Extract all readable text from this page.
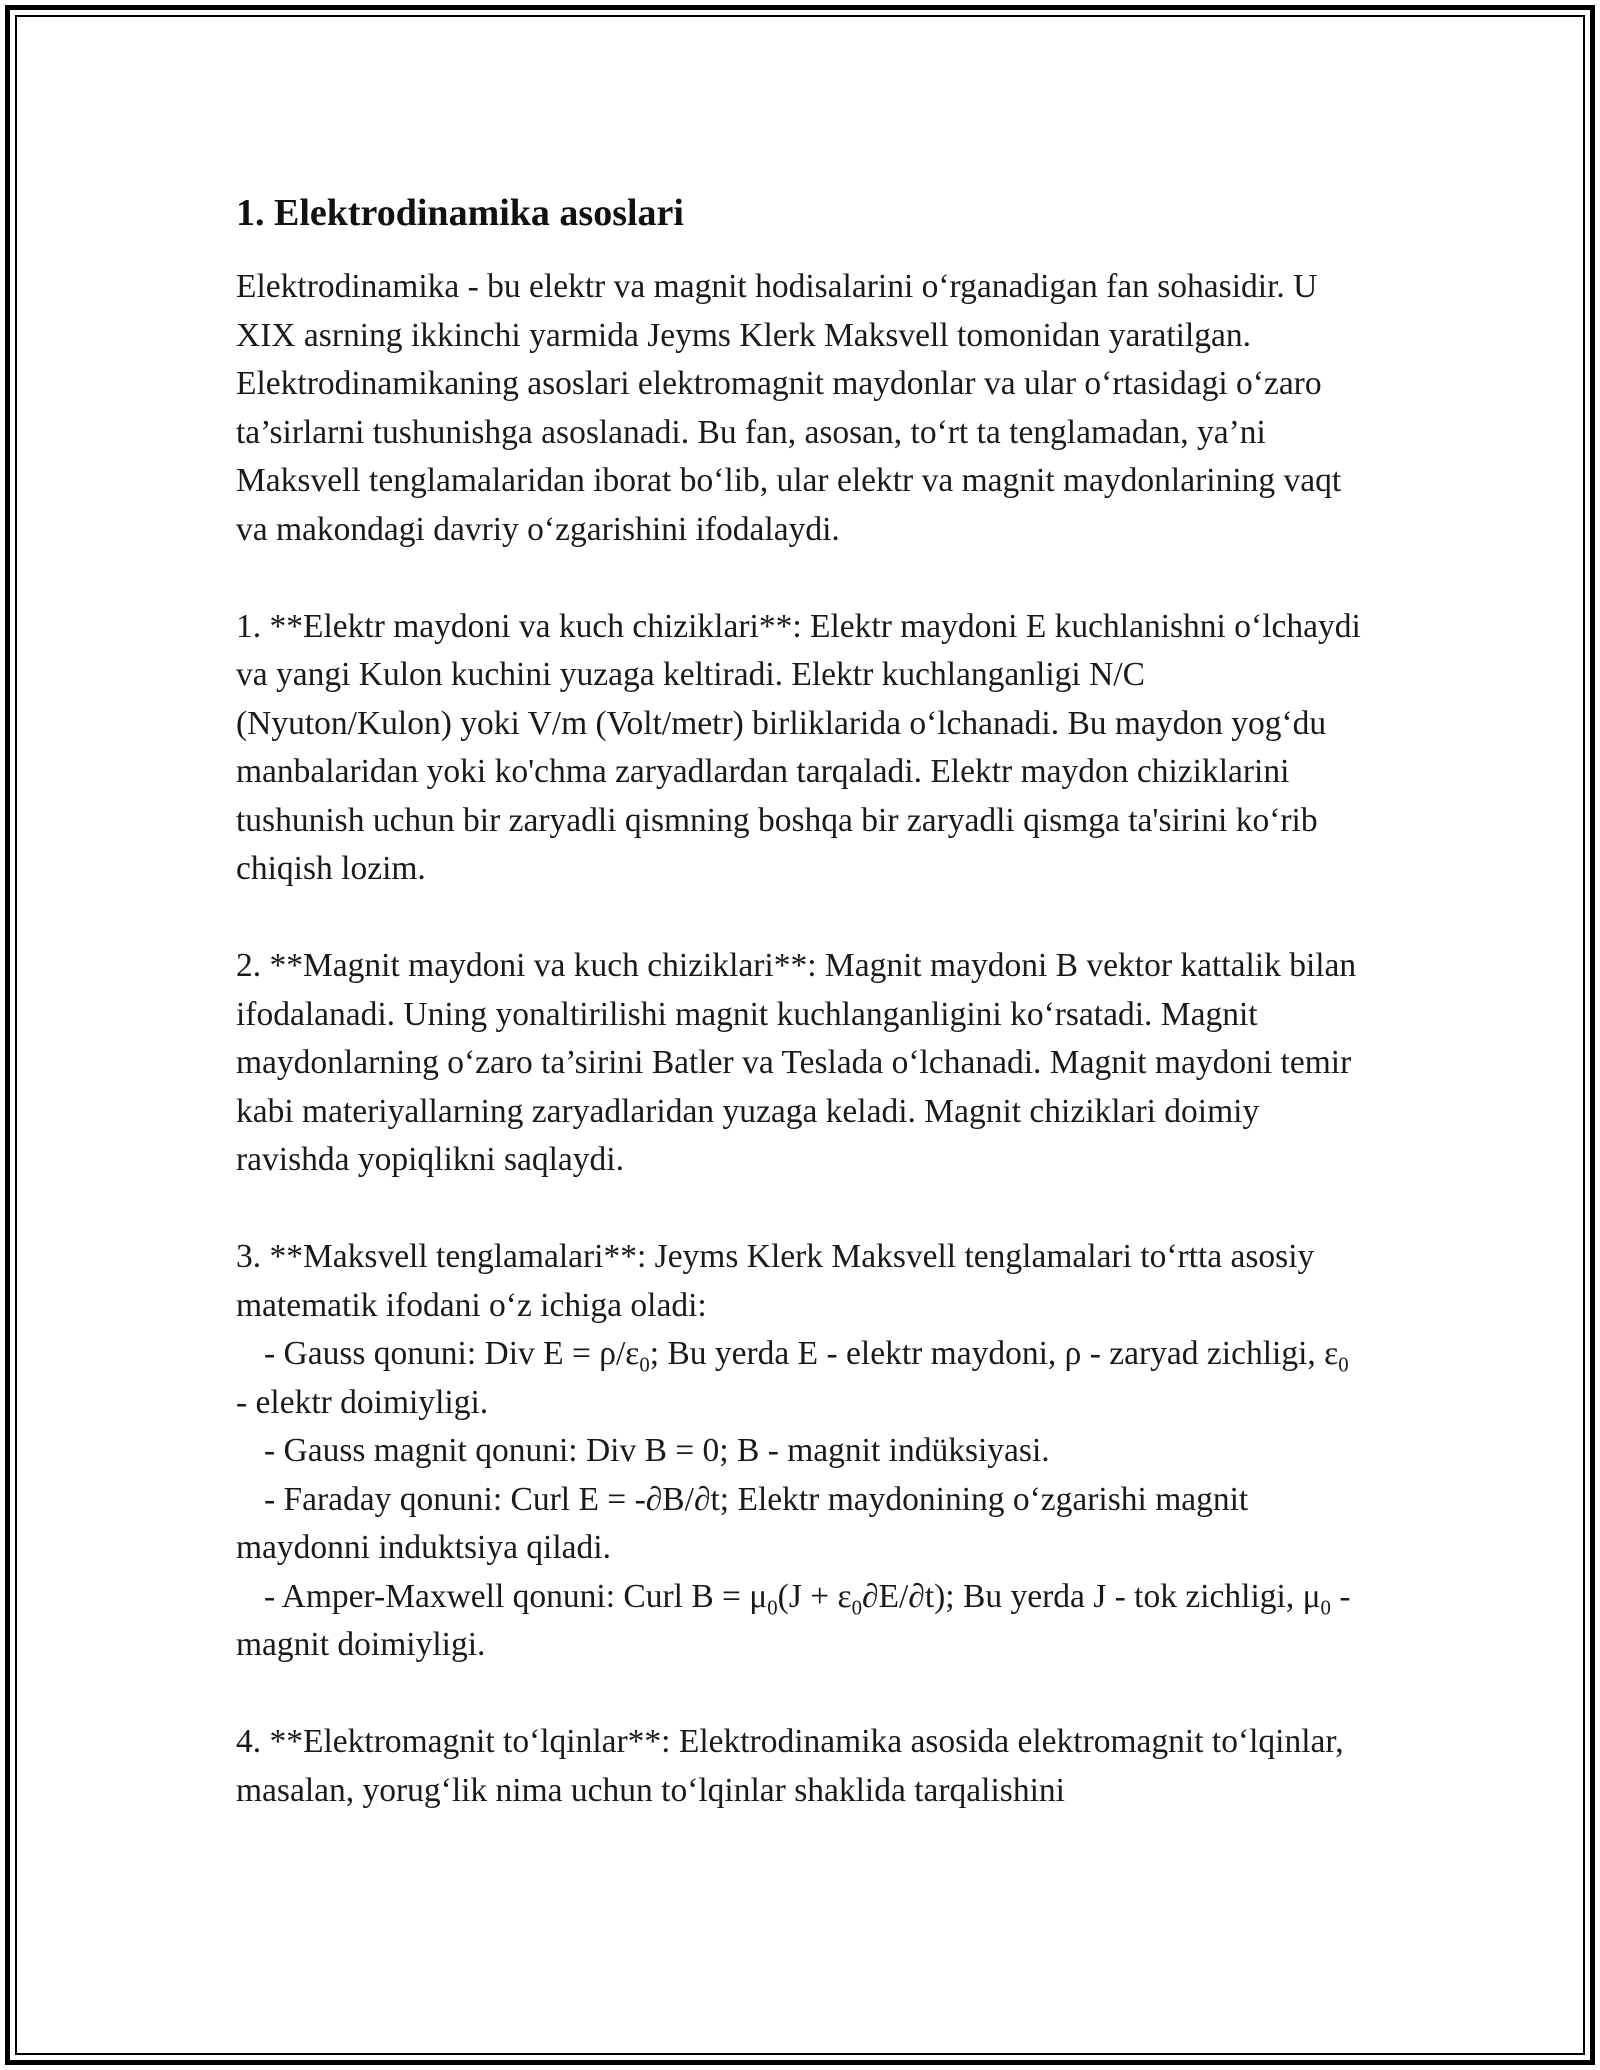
1. Elektrodinamika asoslari

Elektrodinamika - bu elektr va magnit hodisalarini o‘rganadigan fan sohasidir. U XIX asrning ikkinchi yarmida Jeyms Klerk Maksvell tomonidan yaratilgan. Elektrodinamikaning asoslari elektromagnit maydonlar va ular o‘rtasidagi o‘zaro ta’sirlarni tushunishga asoslanadi. Bu fan, asosan, to‘rt ta tenglamadan, ya’ni Maksvell tenglamalaridan iborat bo‘lib, ular elektr va magnit maydonlarining vaqt va makondagi davriy o‘zgarishini ifodalaydi.

1. **Elektr maydoni va kuch chiziklari**: Elektr maydoni E kuchlanishni o‘lchaydi va yangi Kulon kuchini yuzaga keltiradi. Elektr kuchlanganligi N/C (Nyuton/Kulon) yoki V/m (Volt/metr) birliklarida o‘lchanadi. Bu maydon yog‘du manbalaridan yoki ko'chma zaryadlardan tarqaladi. Elektr maydon chiziklarini tushunish uchun bir zaryadli qismning boshqa bir zaryadli qismga ta'sirini ko‘rib chiqish lozim.

2. **Magnit maydoni va kuch chiziklari**: Magnit maydoni B vektor kattalik bilan ifodalanadi. Uning yonaltirilishi magnit kuchlanganligini ko‘rsatadi. Magnit maydonlarning o‘zaro ta’sirini Batler va Teslada o‘lchanadi. Magnit maydoni temir kabi materiyallarning zaryadlaridan yuzaga keladi. Magnit chiziklari doimiy ravishda yopiqlikni saqlaydi.

3. **Maksvell tenglamalari**: Jeyms Klerk Maksvell tenglamalari to‘rtta asosiy matematik ifodani o‘z ichiga oladi:

- Gauss qonuni: Div $E = \rho/\varepsilon_0$; Bu yerda E - elektr maydoni, ρ - zaryad zichligi, $\varepsilon_0$ - elektr doimiyligi.

- Gauss magnit qonuni: Div B = 0; B - magnit indüksiyasi.

- Faraday qonuni: Curl E = -∂B/∂t; Elektr maydonining o‘zgarishi magnit maydonni induktsiya qiladi.

- Amper-Maxwell qonuni: Curl $B = \mu_0(J + \varepsilon_0\partial E/\partial t)$; Bu yerda J - tok zichligi, $\mu_0$ - magnit doimiyligi.

4. **Elektromagnit to‘lqinlar**: Elektrodinamika asosida elektromagnit to‘lqinlar, masalan, yorug‘lik nima uchun to‘lqinlar shaklida tarqalishini
